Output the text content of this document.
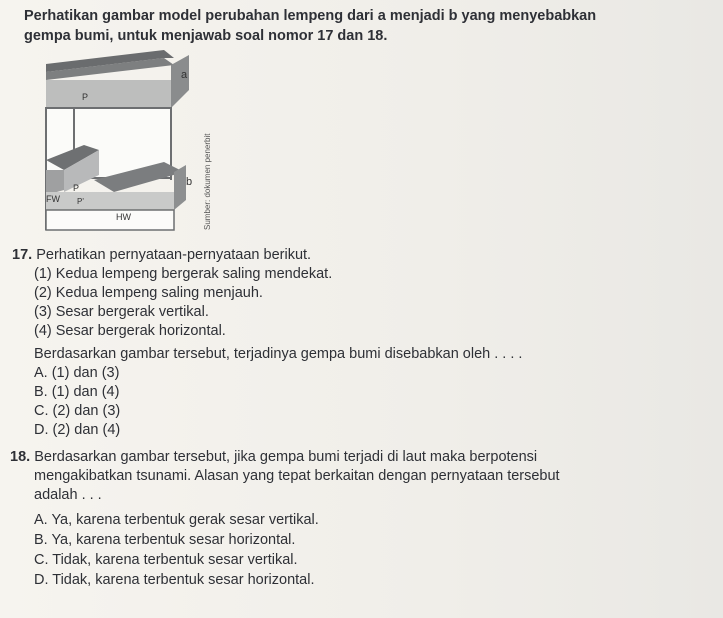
Perhatikan gambar model perubahan lempeng dari a menjadi b yang menyebabkan
gempa bumi, untuk menjawab soal nomor 17 dan 18.
a
P
b
FW
P
P'
HW	Sumber: dokumen penerbit
17. Perhatikan pernyataan-pernyataan berikut.
(1) Kedua lempeng bergerak saling mendekat.
(2) Kedua lempeng saling menjauh.
(3) Sesar bergerak vertikal.
(4) Sesar bergerak horizontal.
Berdasarkan gambar tersebut, terjadinya gempa bumi disebabkan oleh . . . .
A. (1) dan (3)
B. (1) dan (4)
C. (2) dan (3)
D. (2) dan (4)
18. Berdasarkan gambar tersebut, jika gempa bumi terjadi di laut maka berpotensi
mengakibatkan tsunami. Alasan yang tepat berkaitan dengan pernyataan tersebut
adalah . . .
A. Ya, karena terbentuk gerak sesar vertikal.
B. Ya, karena terbentuk sesar horizontal.
C. Tidak, karena terbentuk sesar vertikal.
D. Tidak, karena terbentuk sesar horizontal.
